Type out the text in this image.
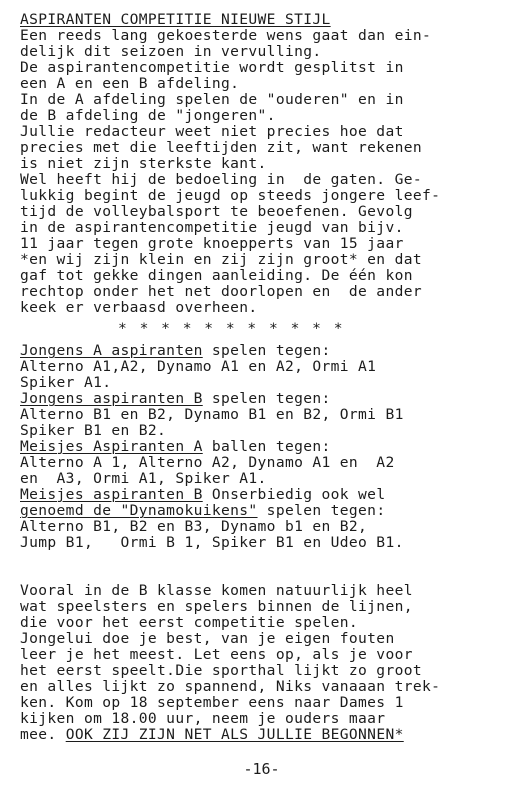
ASPIRANTEN COMPETITIE NIEUWE STIJL
Een reeds lang gekoesterde wens gaat dan ein-
delijk dit seizoen in vervulling.
De aspirantencompetitie wordt gesplitst in
een A en een B afdeling.
In de A afdeling spelen de "ouderen" en in
de B afdeling de "jongeren".
Jullie redacteur weet niet precies hoe dat
precies met die leeftijden zit, want rekenen
is niet zijn sterkste kant.
Wel heeft hij de bedoeling in  de gaten. Ge-
lukkig begint de jeugd op steeds jongere leef-
tijd de volleybalsport te beoefenen. Gevolg
in de aspirantencompetitie jeugd van bijv.
11 jaar tegen grote knoepperts van 15 jaar
*en wij zijn klein en zij zijn groot* en dat
gaf tot gekke dingen aanleiding. De één kon
rechtop onder het net doorlopen en  de ander
keek er verbaasd overheen.
* * * * * * * * * * *
Jongens A aspiranten spelen tegen:
Alterno A1,A2, Dynamo A1 en A2, Ormi A1
Spiker A1.
Jongens aspiranten B spelen tegen:
Alterno B1 en B2, Dynamo B1 en B2, Ormi B1
Spiker B1 en B2.
Meisjes Aspiranten A ballen tegen:
Alterno A 1, Alterno A2, Dynamo A1 en  A2
en  A3, Ormi A1, Spiker A1.
Meisjes aspiranten B Onserbiedig ook wel
genoemd de "Dynamokuikens" spelen tegen:
Alterno B1, B2 en B3, Dynamo b1 en B2,
Jump B1,   Ormi B 1, Spiker B1 en Udeo B1.
Vooral in de B klasse komen natuurlijk heel
wat speelsters en spelers binnen de lijnen,
die voor het eerst competitie spelen.
Jongelui doe je best, van je eigen fouten
leer je het meest. Let eens op, als je voor
het eerst speelt.Die sporthal lijkt zo groot
en alles lijkt zo spannend, Niks vanaaan trek-
ken. Kom op 18 september eens naar Dames 1
kijken om 18.00 uur, neem je ouders maar
mee. OOK ZIJ ZIJN NET ALS JULLIE BEGONNEN*
-16-
